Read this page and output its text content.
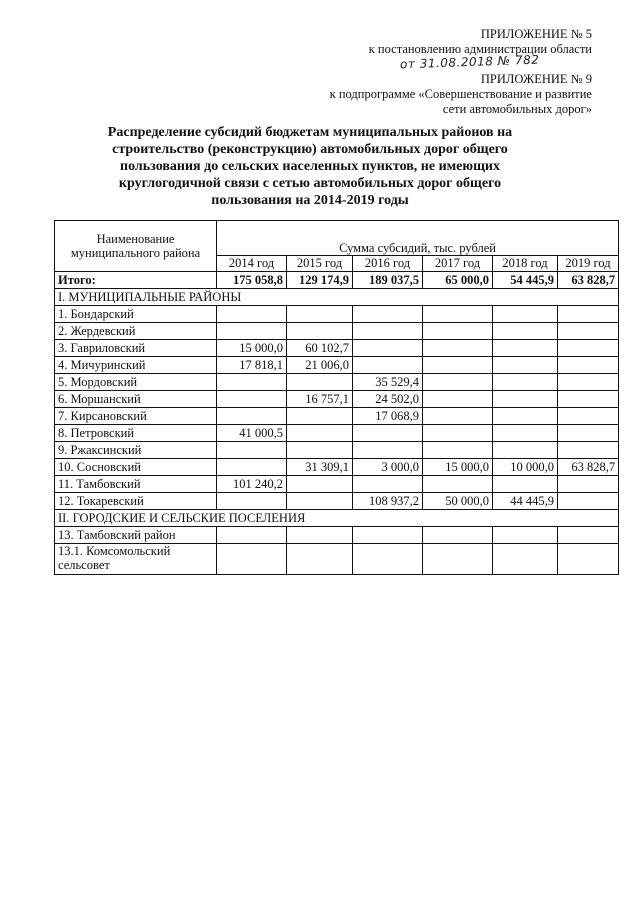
ПРИЛОЖЕНИЕ № 5
к постановлению администрации области
от 31.08.2018 № 782
ПРИЛОЖЕНИЕ № 9
к подпрограмме «Совершенствование и развитие
сети автомобильных дорог»
Распределение субсидий бюджетам муниципальных районов на
строительство (реконструкцию) автомобильных дорог общего
пользования до сельских населенных пунктов, не имеющих
круглогодичной связи с сетью автомобильных дорог общего
пользования на 2014-2019 годы
Наименование муниципального района	Сумма субсидий, тыс. рублей					
	2014 год	2015 год	2016 год	2017 год	2018 год	2019 год
Итого:	175 058,8	129 174,9	189 037,5	65 000,0	54 445,9	63 828,7
I. МУНИЦИПАЛЬНЫЕ РАЙОНЫ						
1. Бондарский						
2. Жердевский						
3. Гавриловский	15 000,0	60 102,7				
4. Мичуринский	17 818,1	21 006,0				
5. Мордовский			35 529,4			
6. Моршанский		16 757,1	24 502,0			
7. Кирсановский			17 068,9			
8. Петровский	41 000,5					
9. Ржаксинский						
10. Сосновский		31 309,1	3 000,0	15 000,0	10 000,0	63 828,7
11. Тамбовский	101 240,2					
12. Токаревский			108 937,2	50 000,0	44 445,9	
II. ГОРОДСКИЕ И СЕЛЬСКИЕ ПОСЕЛЕНИЯ						
13. Тамбовский район						
13.1. Комсомольский сельсовет						
